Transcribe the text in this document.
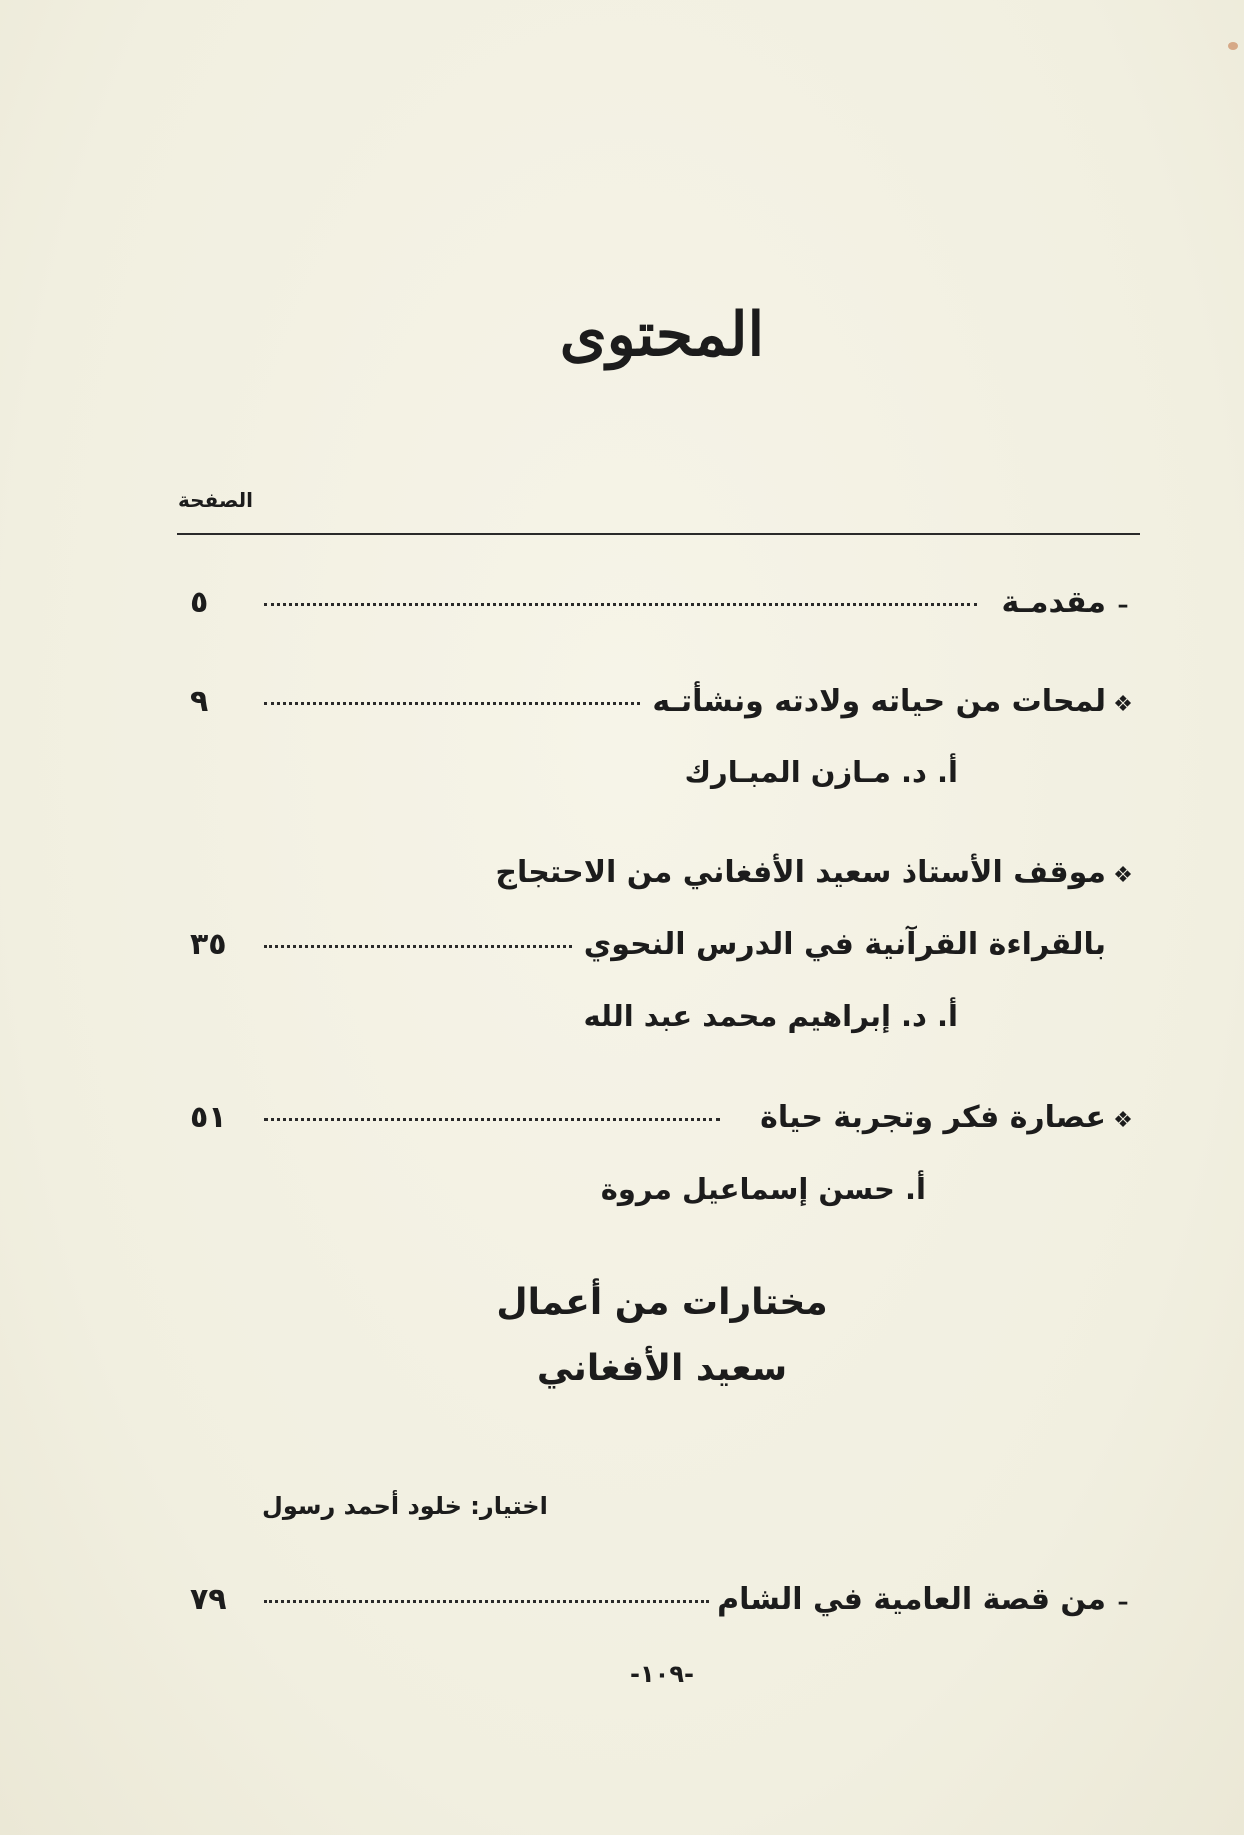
المحتوى
الصفحة
–
مقدمـة
٥
❖
لمحات من حياته ولادته ونشأتـه
٩
أ. د. مـازن المبـارك
❖
موقف الأستاذ سعيد الأفغاني من الاحتجاج
بالقراءة القرآنية في الدرس النحوي
٣٥
أ. د. إبراهيم محمد عبد الله
❖
عصارة فكر وتجربة حياة
٥١
أ. حسن إسماعيل مروة
مختارات من أعمال
سعيد الأفغاني
اختيار: خلود أحمد رسول
–
من قصة العامية في الشام
٧٩
-١٠٩-
